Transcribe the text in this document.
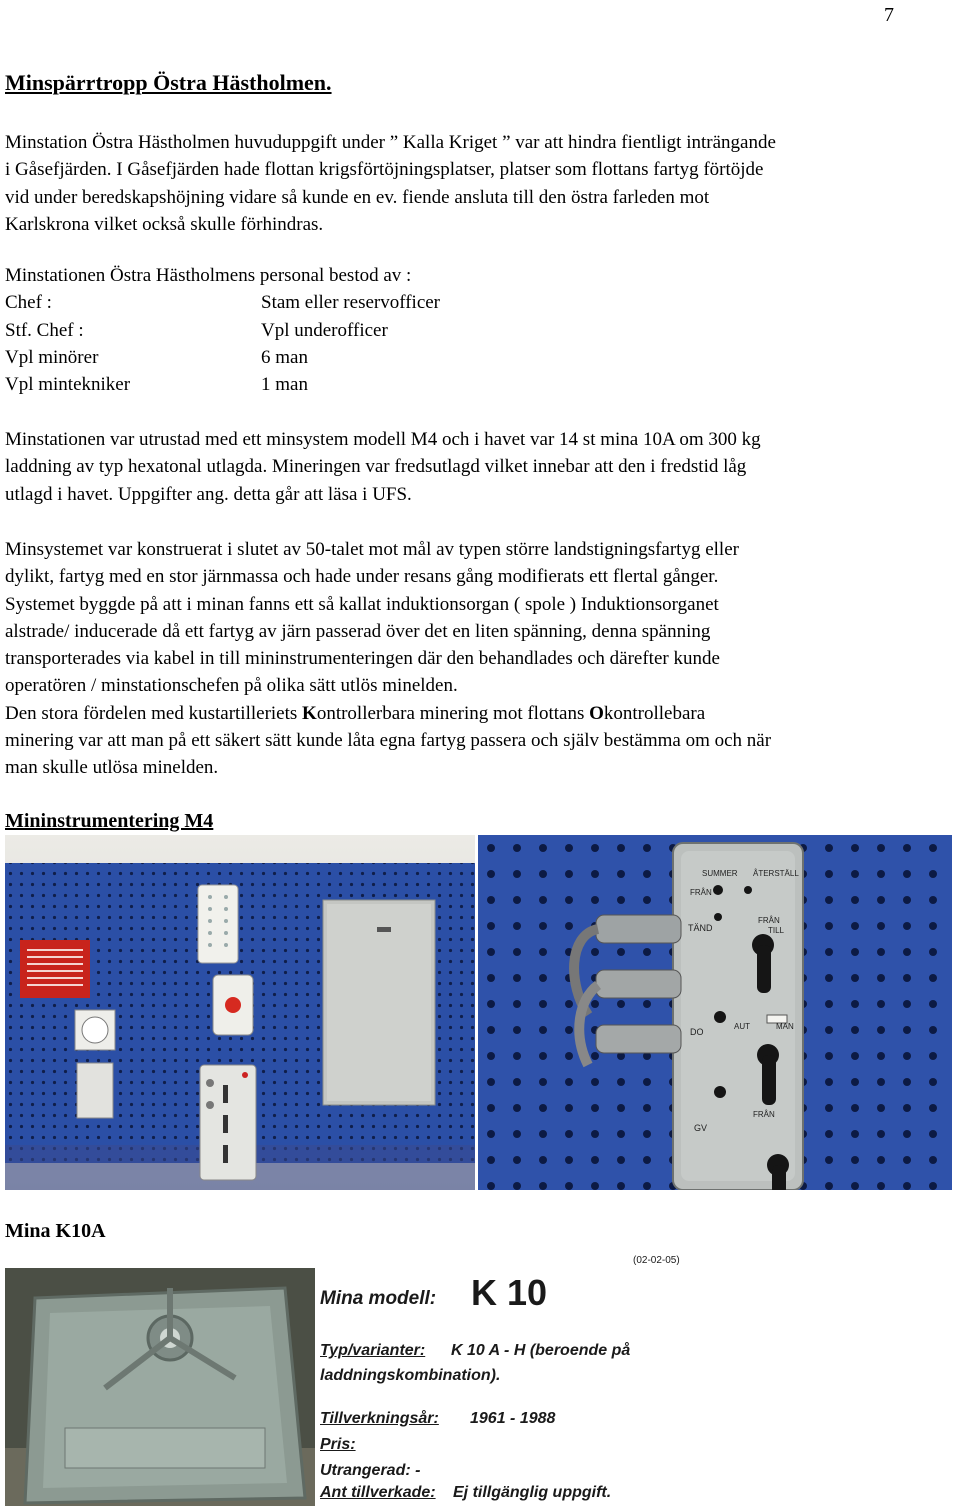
7
Minspärrtropp Östra Hästholmen.
Minstation Östra Hästholmen huvuduppgift under ” Kalla Kriget ” var att hindra fientligt inträngande
i Gåsefjärden. I Gåsefjärden hade flottan krigsförtöjningsplatser, platser som flottans fartyg förtöjde
vid under beredskapshöjning vidare så kunde en ev. fiende ansluta till den östra farleden mot
Karlskrona vilket också skulle förhindras.
Minstationen Östra Hästholmens personal bestod av :
Chef :	Stam eller reservofficer
Stf. Chef :	Vpl underofficer
Vpl minörer	6 man
Vpl mintekniker	1 man
Minstationen var utrustad med ett minsystem modell M4 och i havet var 14 st mina 10A om 300 kg
laddning av typ hexatonal utlagda. Mineringen var fredsutlagd vilket innebar att den i fredstid låg
utlagd i havet. Uppgifter ang. detta går att läsa i UFS.
Minsystemet var konstruerat i slutet av 50-talet mot mål av typen större landstigningsfartyg eller
dylikt, fartyg med en stor järnmassa och hade under resans gång modifierats ett flertal gånger.
Systemet byggde på att i minan fanns ett så kallat induktionsorgan ( spole ) Induktionsorganet
alstrade/ inducerade då ett fartyg av järn passerad över det en liten spänning, denna spänning
transporterades via kabel in till mininstrumenteringen där den behandlades och därefter kunde
operatören / minstationschefen på olika sätt utlös minelden.
Den stora fördelen med kustartilleriets Kontrollerbara minering mot flottans Okontrollebara
minering var att man på ett säkert sätt kunde låta egna fartyg passera och själv bestämma om och när
man skulle utlösa minelden.
Mininstrumentering M4
SUMMER ÅTERSTÄLL
FRÅN
TÄND
FRÅN
TILL
DO
AUT	MAN
GV
FRÅN
Mina K10A
(02-02-05)
Mina modell: K 10
Typ/varianter: K 10 A - H (beroende på
laddningskombination).
Tillverkningsår: 1961 - 1988
Pris:
Utrangerad: -
Ant tillverkade: Ej tillgänglig uppgift.
